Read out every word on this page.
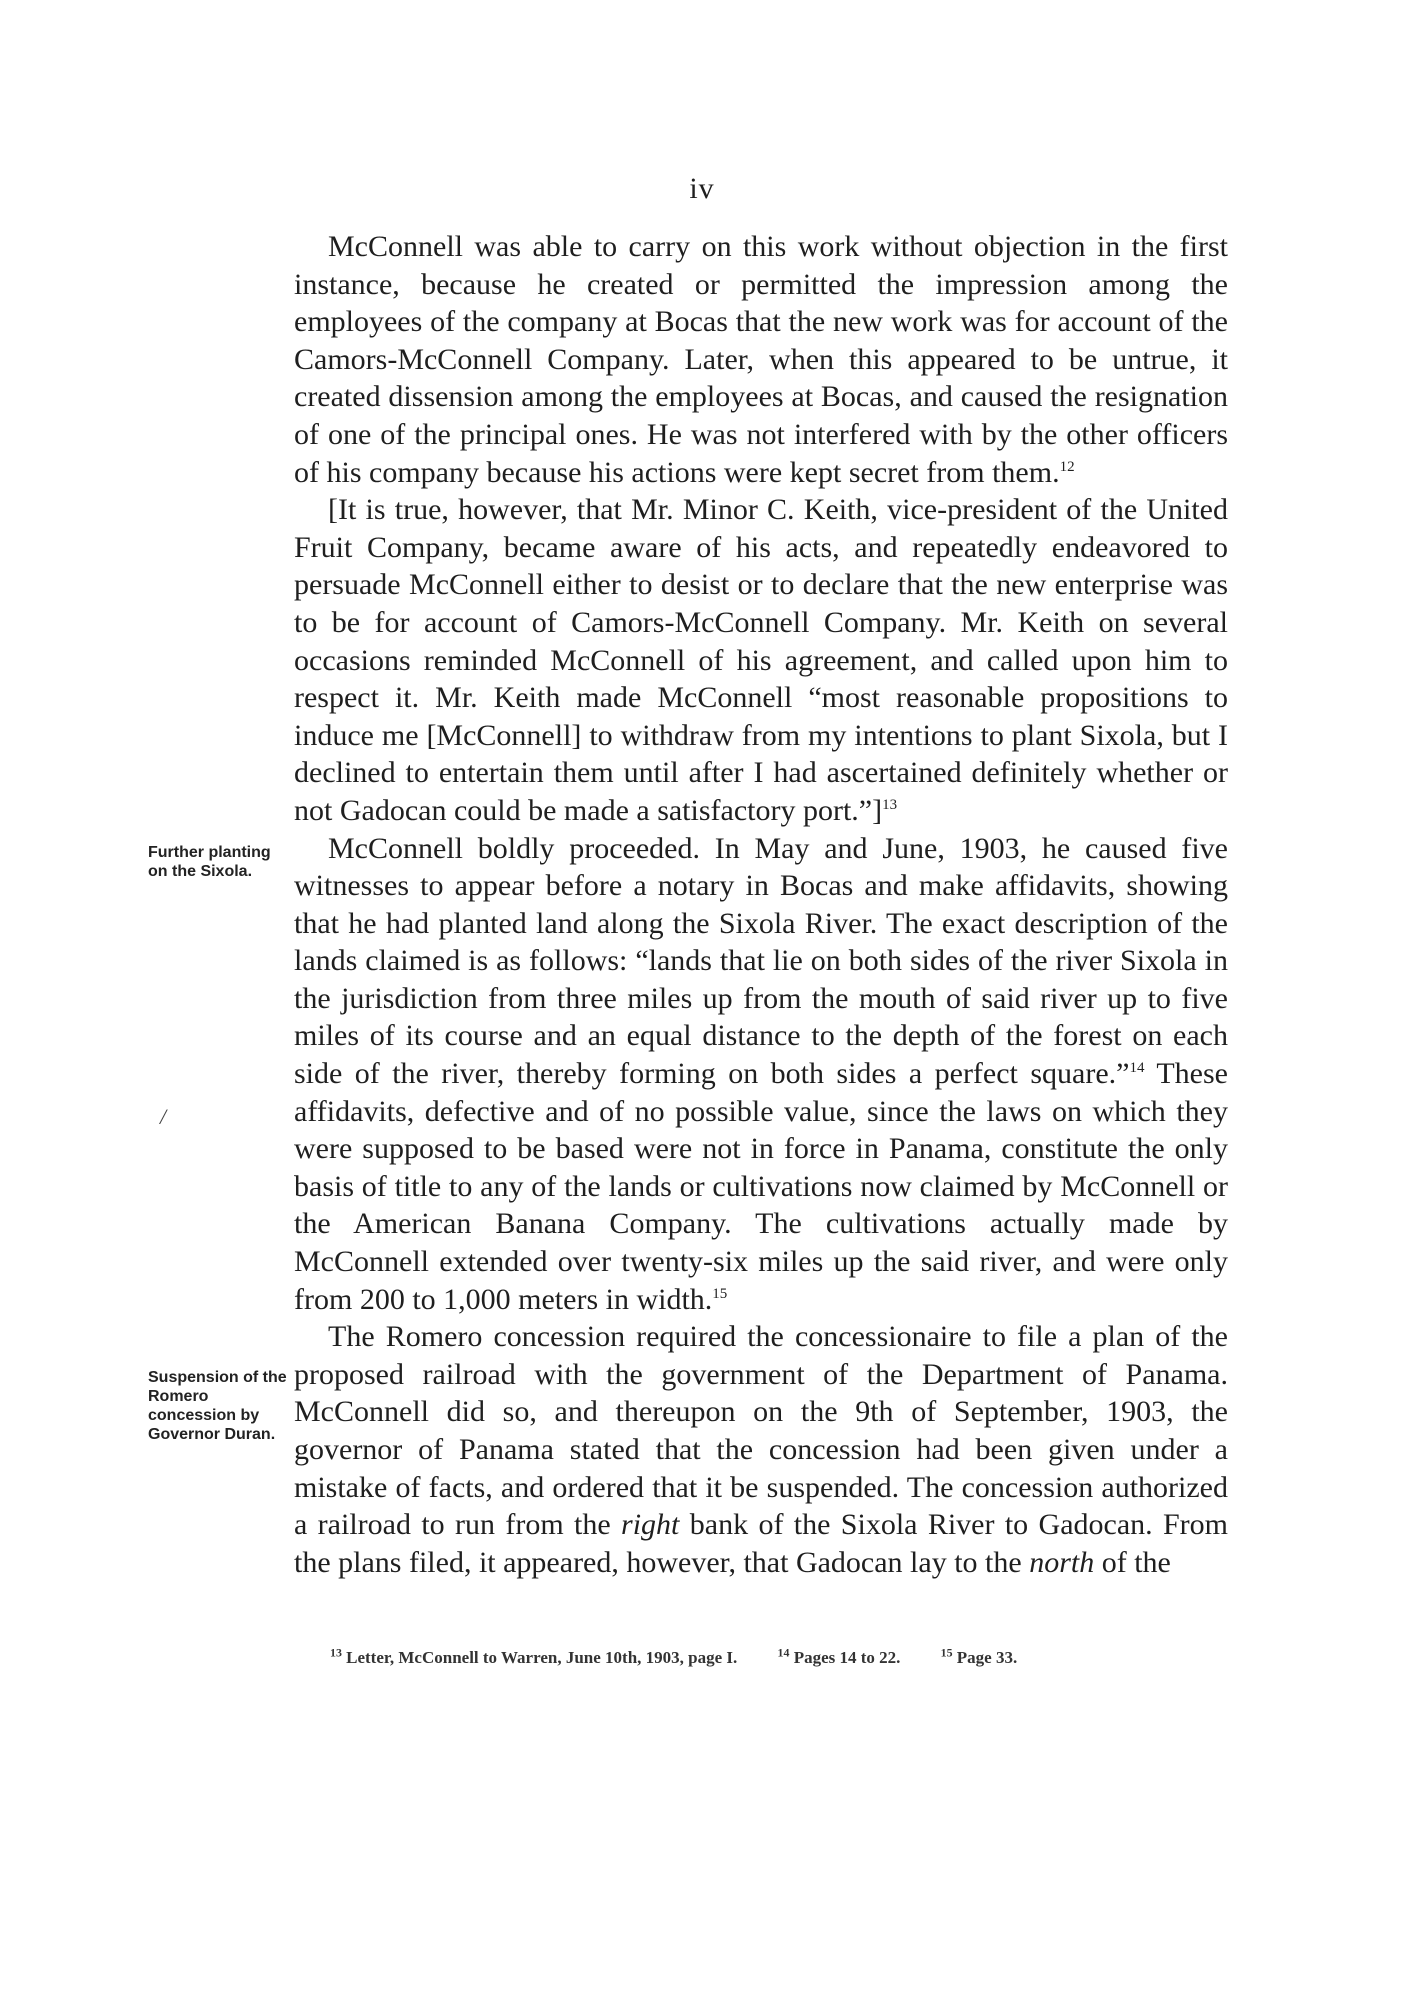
iv
Further planting on the Sixola.
Suspension of the Romero concession by Governor Duran.
/

McConnell was able to carry on this work without objection in the first instance, because he created or permitted the impression among the employees of the company at Bocas that the new work was for account of the Camors-McConnell Company. Later, when this appeared to be untrue, it created dissension among the employees at Bocas, and caused the resignation of one of the principal ones. He was not interfered with by the other officers of his company because his actions were kept secret from them.$^{12}$

[It is true, however, that Mr. Minor C. Keith, vice-president of the United Fruit Company, became aware of his acts, and repeatedly endeavored to persuade McConnell either to desist or to declare that the new enterprise was to be for account of Camors-McConnell Company. Mr. Keith on several occasions reminded McConnell of his agreement, and called upon him to respect it. Mr. Keith made McConnell “most reasonable propositions to induce me [McConnell] to withdraw from my intentions to plant Sixola, but I declined to entertain them until after I had ascertained definitely whether or not Gadocan could be made a satisfactory port.”]$^{13}$

McConnell boldly proceeded. In May and June, 1903, he caused five witnesses to appear before a notary in Bocas and make affidavits, showing that he had planted land along the Sixola River. The exact description of the lands claimed is as follows: “lands that lie on both sides of the river Sixola in the jurisdiction from three miles up from the mouth of said river up to five miles of its course and an equal distance to the depth of the forest on each side of the river, thereby forming on both sides a perfect square.”$^{14}$ These affidavits, defective and of no possible value, since the laws on which they were supposed to be based were not in force in Panama, constitute the only basis of title to any of the lands or cultivations now claimed by McConnell or the American Banana Company. The cultivations actually made by McConnell extended over twenty-six miles up the said river, and were only from 200 to 1,000 meters in width.$^{15}$

The Romero concession required the concessionaire to file a plan of the proposed railroad with the government of the Department of Panama. McConnell did so, and thereupon on the 9th of September, 1903, the governor of Panama stated that the concession had been given under a mistake of facts, and ordered that it be suspended. The concession authorized a railroad to run from the right bank of the Sixola River to Gadocan. From the plans filed, it appeared, however, that Gadocan lay to the north of the

$^{13}$ Letter, McConnell to Warren, June 10th, 1903, page I.	$^{14}$ Pages 14 to 22.	$^{15}$ Page 33.
